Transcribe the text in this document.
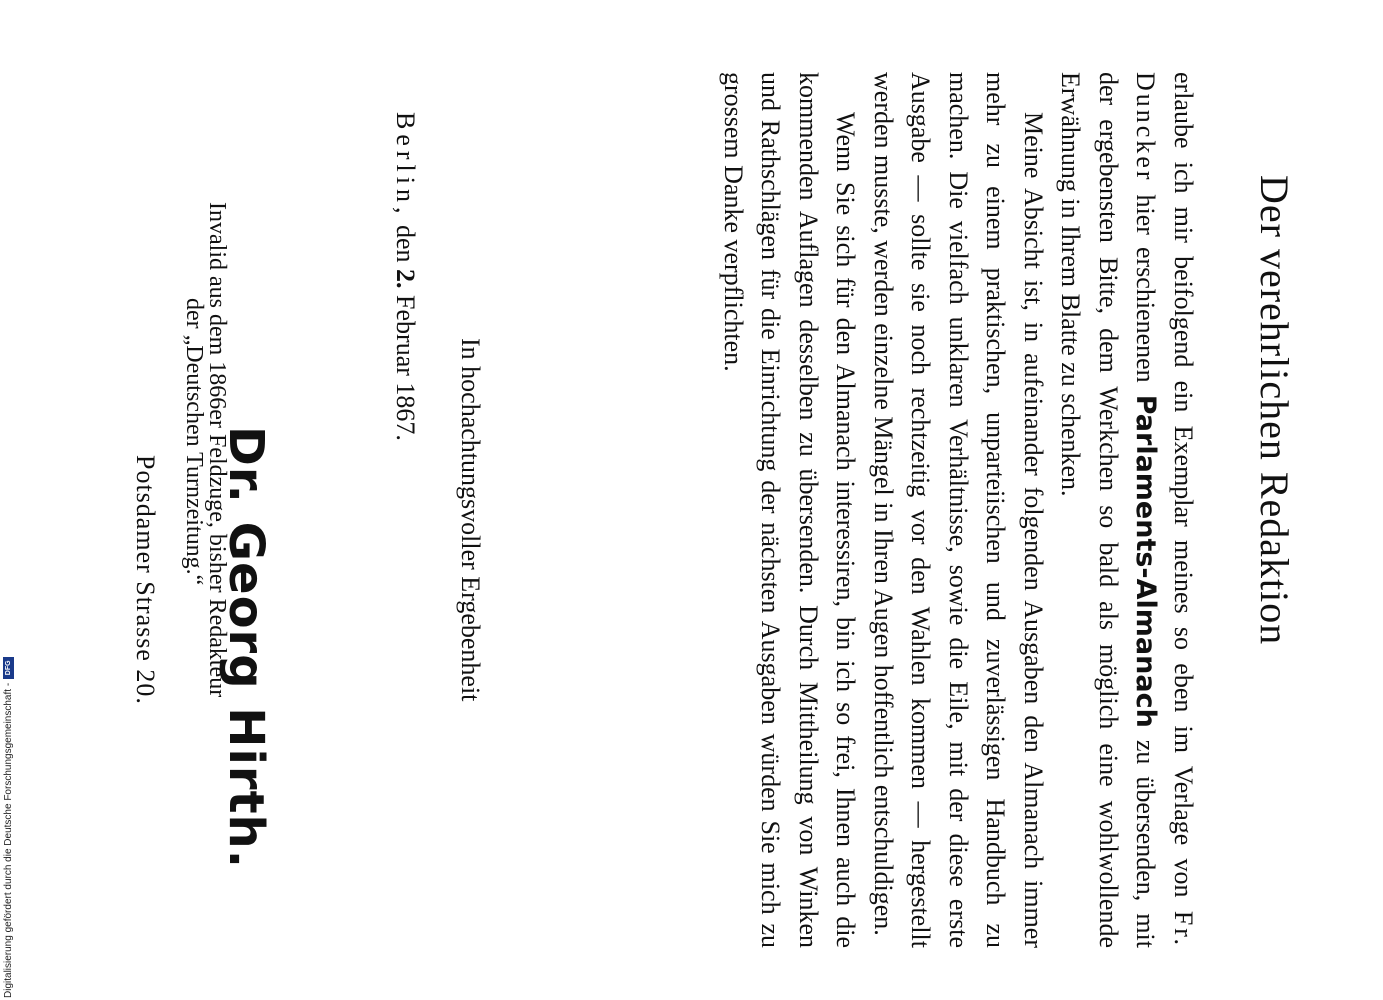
Der verehrlichen Redaktion

erlaube ich mir beifolgend ein Exemplar meines so eben im Verlage von Fr. Duncker hier erschienenen Parlaments-Almanach zu übersenden, mit der ergebensten Bitte, dem Werkchen so bald als möglich eine wohlwollende Erwähnung in Ihrem Blatte zu schenken.

Meine Absicht ist, in aufeinander folgenden Ausgaben den Almanach immer mehr zu einem praktischen, unparteiischen und zuverlässigen Handbuch zu machen. Die vielfach unklaren Verhältnisse, sowie die Eile, mit der diese erste Ausgabe — sollte sie noch rechtzeitig vor den Wahlen kommen — hergestellt werden musste, werden einzelne Mängel in Ihren Augen hoffentlich entschuldigen.

Wenn Sie sich für den Almanach interessiren, bin ich so frei, Ihnen auch die kommenden Auflagen desselben zu übersenden. Durch Mittheilung von Winken und Rathschlägen für die Einrichtung der nächsten Ausgaben würden Sie mich zu grossem Danke verpflichten.

In hochachtungsvoller Ergebenheit
Berlin, den 2. Februar 1867.
Dr. Georg Hirth.
Invalid aus dem 1866er Feldzuge, bisher Redakteur
der „Deutschen Turnzeitung.“
Potsdamer Strasse 20.
Digitalisierung gefördert durch die Deutsche Forschungsgemeinschaft -
DFG
